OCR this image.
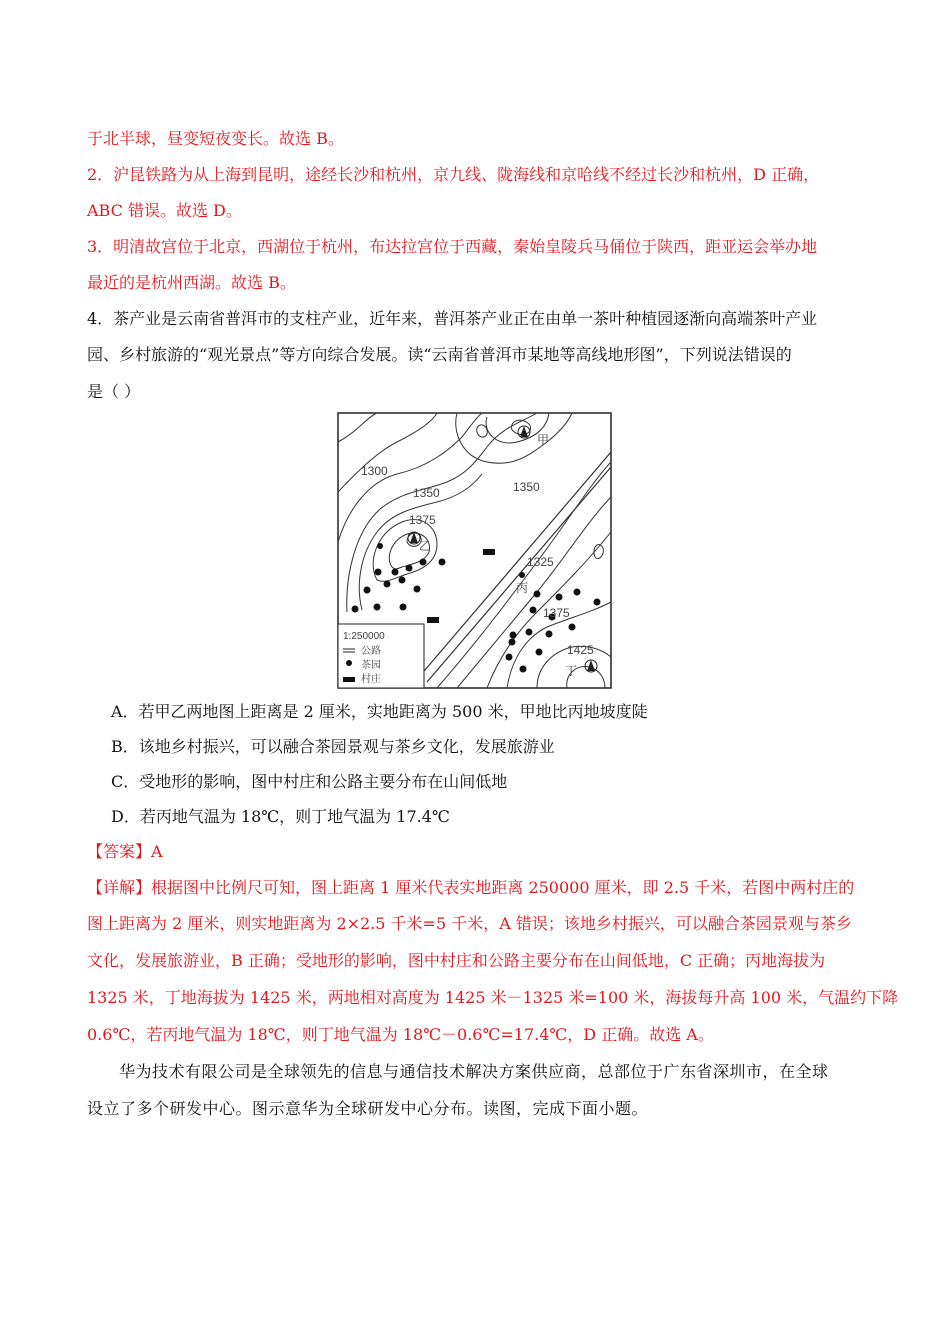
于北半球，昼变短夜变长。故选 B。
2．沪昆铁路为从上海到昆明，途经长沙和杭州，京九线、陇海线和京哈线不经过长沙和杭州，D 正确，
ABC 错误。故选 D。
3．明清故宫位于北京，西湖位于杭州，布达拉宫位于西藏，秦始皇陵兵马俑位于陕西，距亚运会举办地
最近的是杭州西湖。故选 B。
4．茶产业是云南省普洱市的支柱产业，近年来，普洱茶产业正在由单一茶叶种植园逐渐向高端茶叶产业
园、乡村旅游的“观光景点”等方向综合发展。读“云南省普洱市某地等高线地形图”，下列说法错误的
是（ ）
1300
1350	1350
1375
1325
1375
1425
甲
乙
丙
丁
1:250000
公路
茶园
村庄
A．若甲乙两地图上距离是 2 厘米，实地距离为 500 米，甲地比丙地坡度陡
B．该地乡村振兴，可以融合茶园景观与茶乡文化，发展旅游业
C．受地形的影响，图中村庄和公路主要分布在山间低地
D．若丙地气温为 18℃，则丁地气温为 17.4℃
【答案】A
【详解】根据图中比例尺可知，图上距离 1 厘米代表实地距离 250000 厘米，即 2.5 千米，若图中两村庄的
图上距离为 2 厘米，则实地距离为 2×2.5 千米=5 千米，A 错误；该地乡村振兴，可以融合茶园景观与茶乡
文化，发展旅游业，B 正确；受地形的影响，图中村庄和公路主要分布在山间低地，C 正确；丙地海拔为
1325 米，丁地海拔为 1425 米，两地相对高度为 1425 米－1325 米=100 米，海拔每升高 100 米，气温约下降
0.6℃，若丙地气温为 18℃，则丁地气温为 18℃－0.6℃=17.4℃，D 正确。故选 A。
华为技术有限公司是全球领先的信息与通信技术解决方案供应商，总部位于广东省深圳市，在全球
设立了多个研发中心。图示意华为全球研发中心分布。读图，完成下面小题。
